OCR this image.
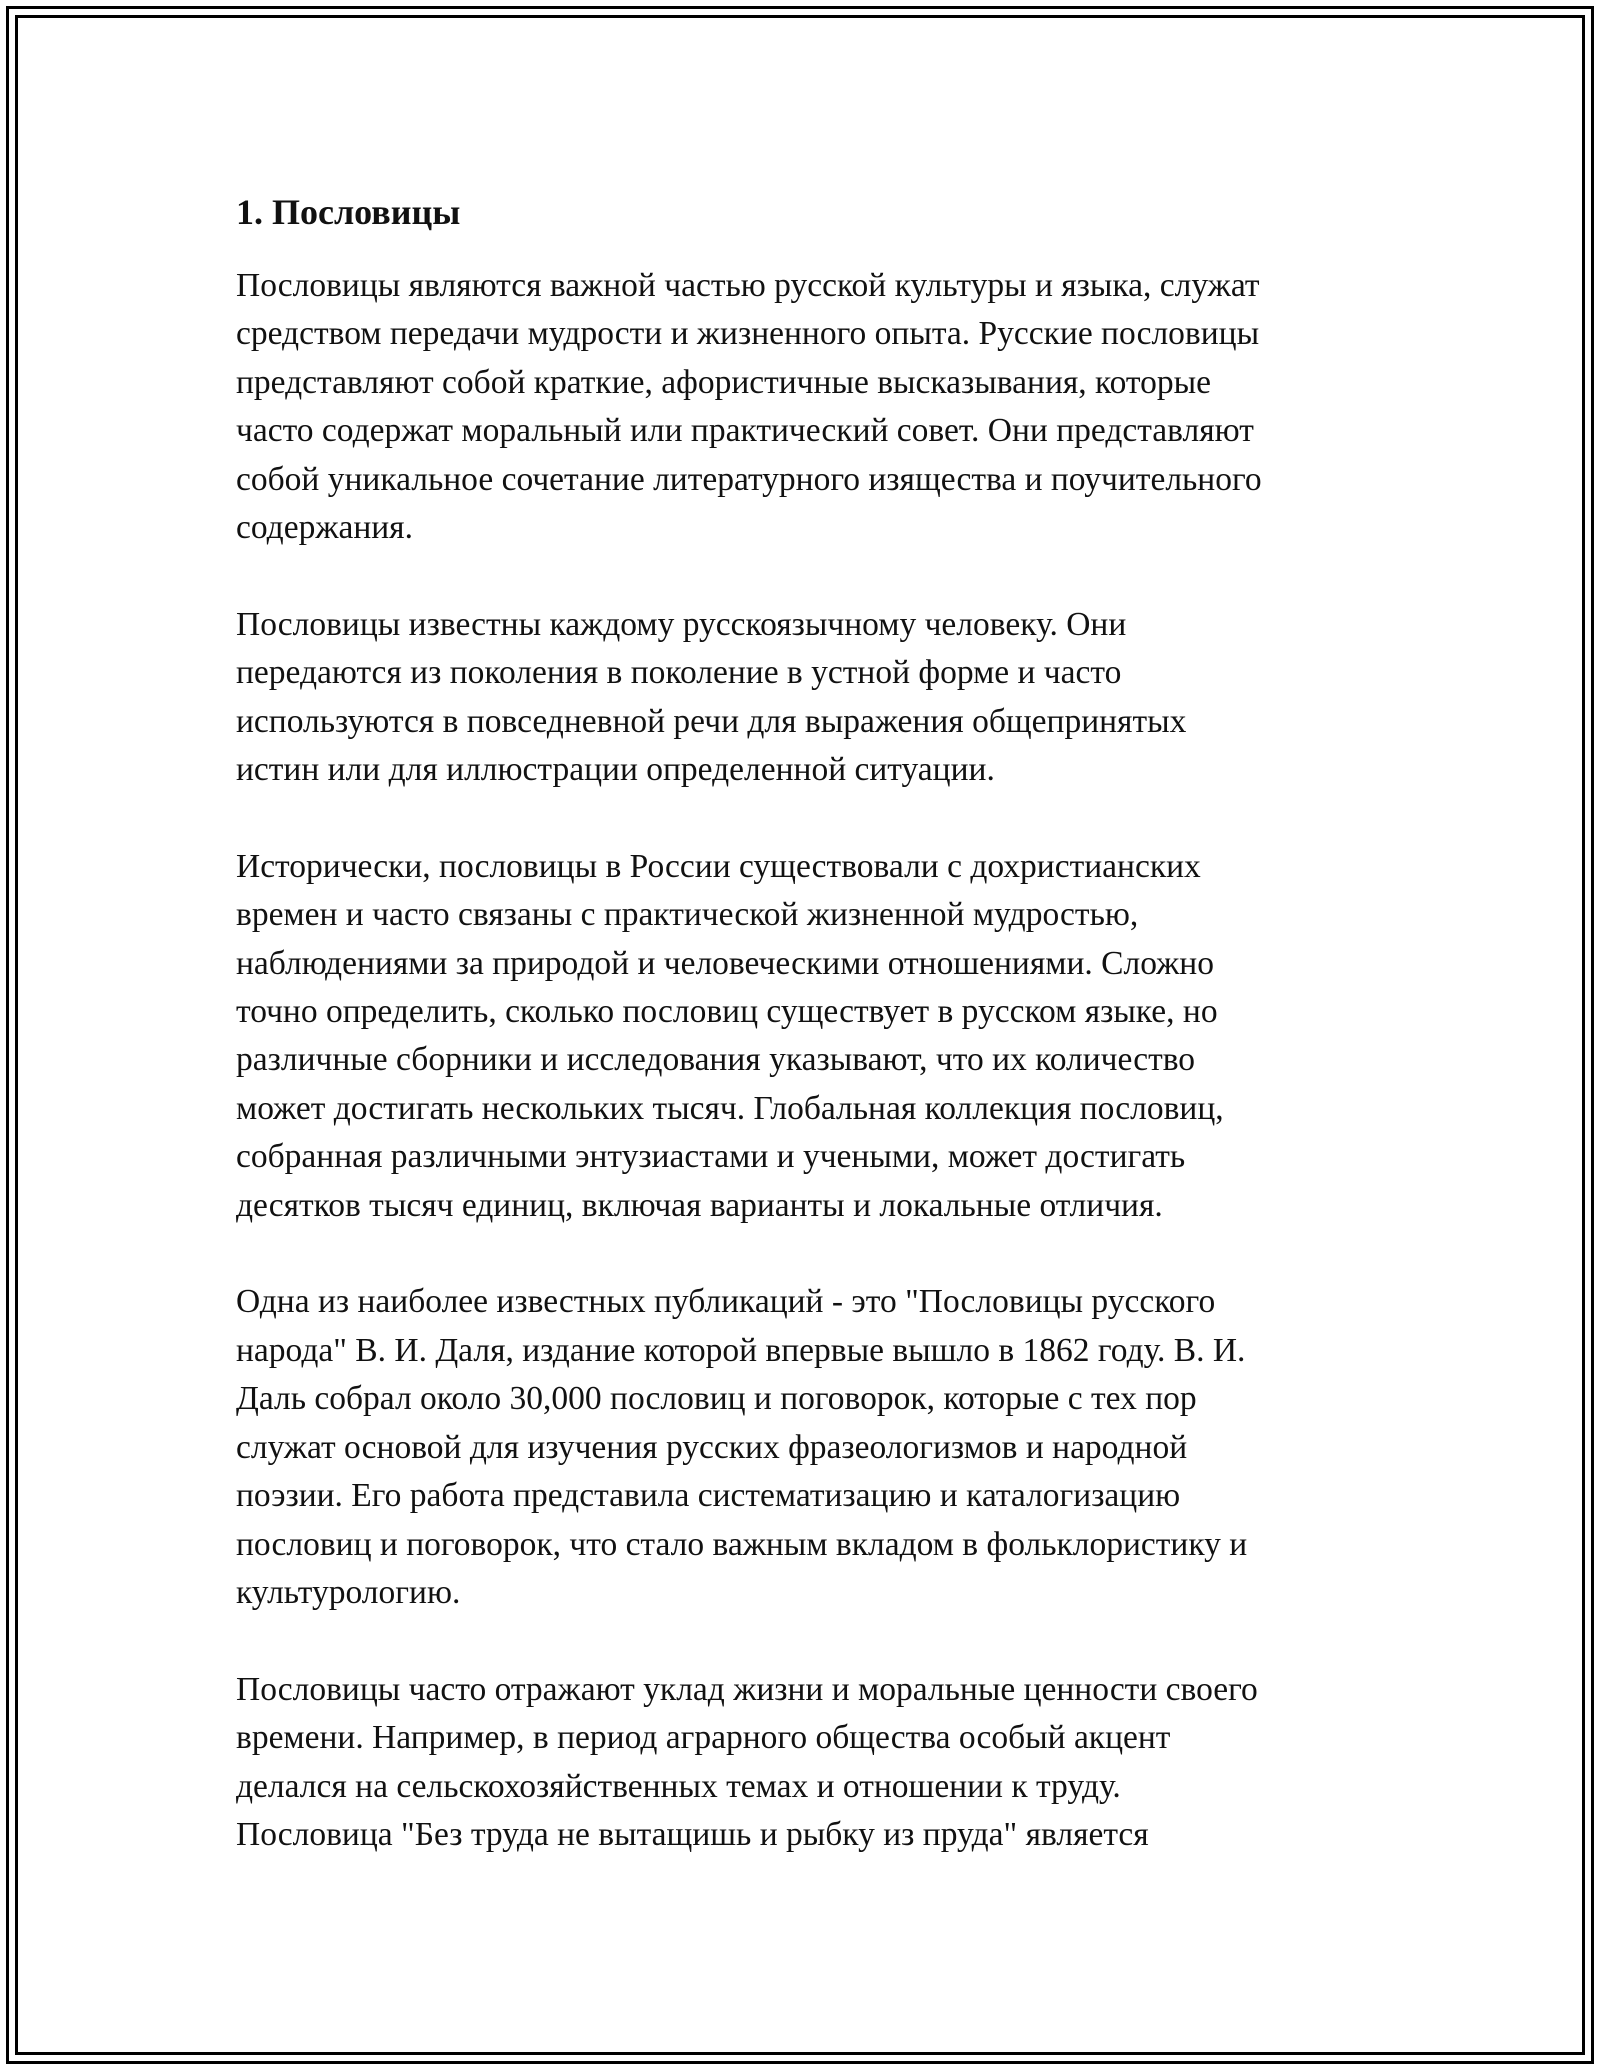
1. Пословицы
Пословицы являются важной частью русской культуры и языка, служат
средством передачи мудрости и жизненного опыта. Русские пословицы
представляют собой краткие, афористичные высказывания, которые
часто содержат моральный или практический совет. Они представляют
собой уникальное сочетание литературного изящества и поучительного
содержания.
Пословицы известны каждому русскоязычному человеку. Они
передаются из поколения в поколение в устной форме и часто
используются в повседневной речи для выражения общепринятых
истин или для иллюстрации определенной ситуации.
Исторически, пословицы в России существовали с дохристианских
времен и часто связаны с практической жизненной мудростью,
наблюдениями за природой и человеческими отношениями. Сложно
точно определить, сколько пословиц существует в русском языке, но
различные сборники и исследования указывают, что их количество
может достигать нескольких тысяч. Глобальная коллекция пословиц,
собранная различными энтузиастами и учеными, может достигать
десятков тысяч единиц, включая варианты и локальные отличия.
Одна из наиболее известных публикаций - это "Пословицы русского
народа" В. И. Даля, издание которой впервые вышло в 1862 году. В. И.
Даль собрал около 30,000 пословиц и поговорок, которые с тех пор
служат основой для изучения русских фразеологизмов и народной
поэзии. Его работа представила систематизацию и каталогизацию
пословиц и поговорок, что стало важным вкладом в фольклористику и
культурологию.
Пословицы часто отражают уклад жизни и моральные ценности своего
времени. Например, в период аграрного общества особый акцент
делался на сельскохозяйственных темах и отношении к труду.
Пословица "Без труда не вытащишь и рыбку из пруда" является
